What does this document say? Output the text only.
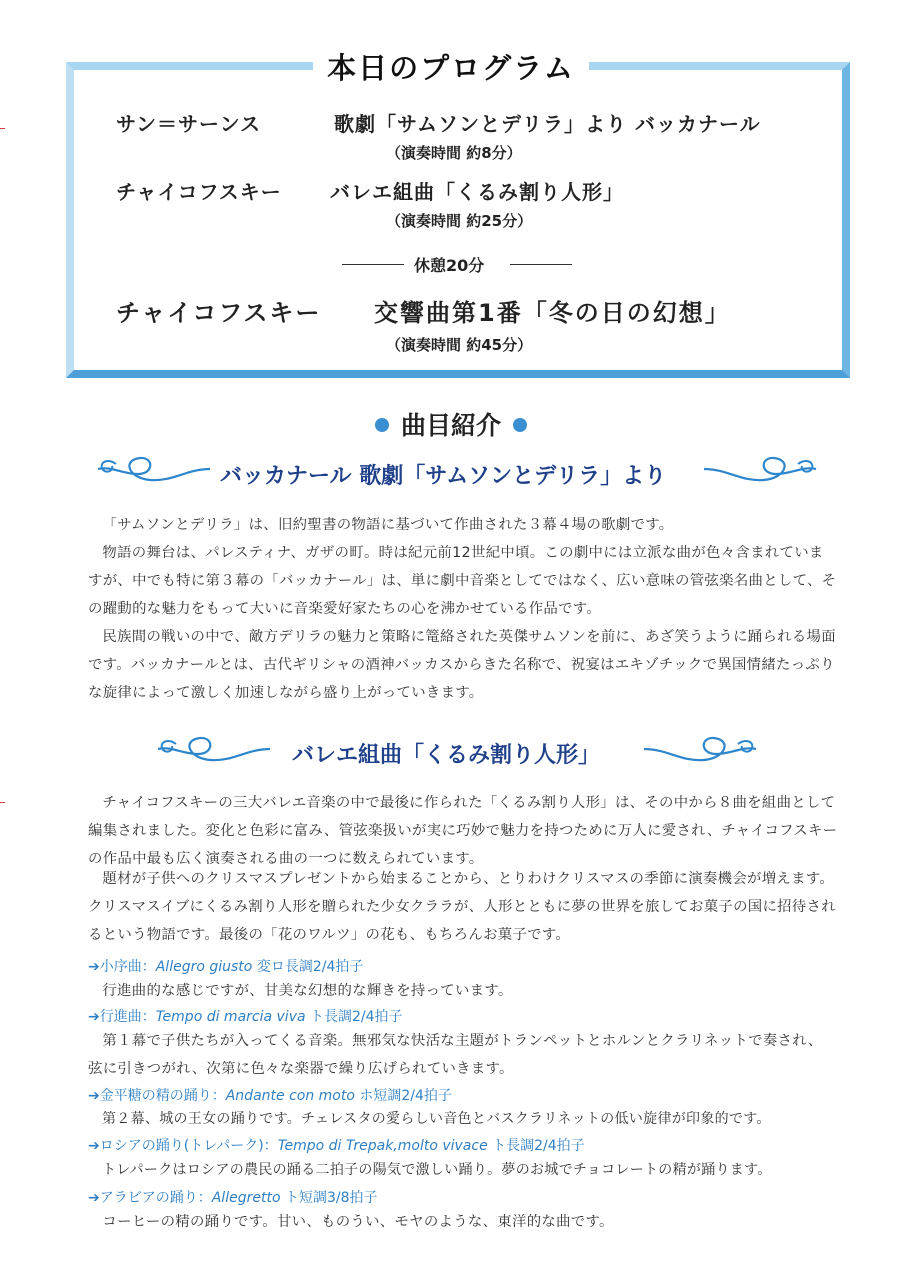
本日のプログラム
サン＝サーンス	歌劇「サムソンとデリラ」より バッカナール
（演奏時間 約8分）
チャイコフスキー バレエ組曲「くるみ割り人形」
（演奏時間 約25分）
休憩20分
チャイコフスキー 交響曲第1番「冬の日の幻想」
（演奏時間 約45分）
曲目紹介
バッカナール 歌劇「サムソンとデリラ」より

「サムソンとデリラ」は、旧約聖書の物語に基づいて作曲された３幕４場の歌劇です。

物語の舞台は、パレスティナ、ガザの町。時は紀元前12世紀中頃。この劇中には立派な曲が色々含まれていますが、中でも特に第３幕の「バッカナール」は、単に劇中音楽としてではなく、広い意味の管弦楽名曲として、その躍動的な魅力をもって大いに音楽愛好家たちの心を沸かせている作品です。

民族間の戦いの中で、敵方デリラの魅力と策略に篭絡された英傑サムソンを前に、あざ笑うように踊られる場面です。バッカナールとは、古代ギリシャの酒神バッカスからきた名称で、祝宴はエキゾチックで異国情緒たっぷりな旋律によって激しく加速しながら盛り上がっていきます。

バレエ組曲「くるみ割り人形」

チャイコフスキーの三大バレエ音楽の中で最後に作られた「くるみ割り人形」は、その中から８曲を組曲として編集されました。変化と色彩に富み、管弦楽扱いが実に巧妙で魅力を持つために万人に愛され、チャイコフスキーの作品中最も広く演奏される曲の一つに数えられています。

題材が子供へのクリスマスプレゼントから始まることから、とりわけクリスマスの季節に演奏機会が増えます。クリスマスイブにくるみ割り人形を贈られた少女クララが、人形とともに夢の世界を旅してお菓子の国に招待されるという物語です。最後の「花のワルツ」の花も、もちろんお菓子です。

➔小序曲：Allegro giusto 変ロ長調2/4拍子

行進曲的な感じですが、甘美な幻想的な輝きを持っています。

➔行進曲：Tempo di marcia viva ト長調2/4拍子

第１幕で子供たちが入ってくる音楽。無邪気な快活な主題がトランペットとホルンとクラリネットで奏され、弦に引きつがれ、次第に色々な楽器で繰り広げられていきます。

➔金平糖の精の踊り：Andante con moto ホ短調2/4拍子

第２幕、城の王女の踊りです。チェレスタの愛らしい音色とバスクラリネットの低い旋律が印象的です。

➔ロシアの踊り(トレパーク)：Tempo di Trepak,molto vivace ト長調2/4拍子

トレパークはロシアの農民の踊る二拍子の陽気で激しい踊り。夢のお城でチョコレートの精が踊ります。

➔アラビアの踊り：Allegretto ト短調3/8拍子

コーヒーの精の踊りです。甘い、ものうい、モヤのような、東洋的な曲です。
